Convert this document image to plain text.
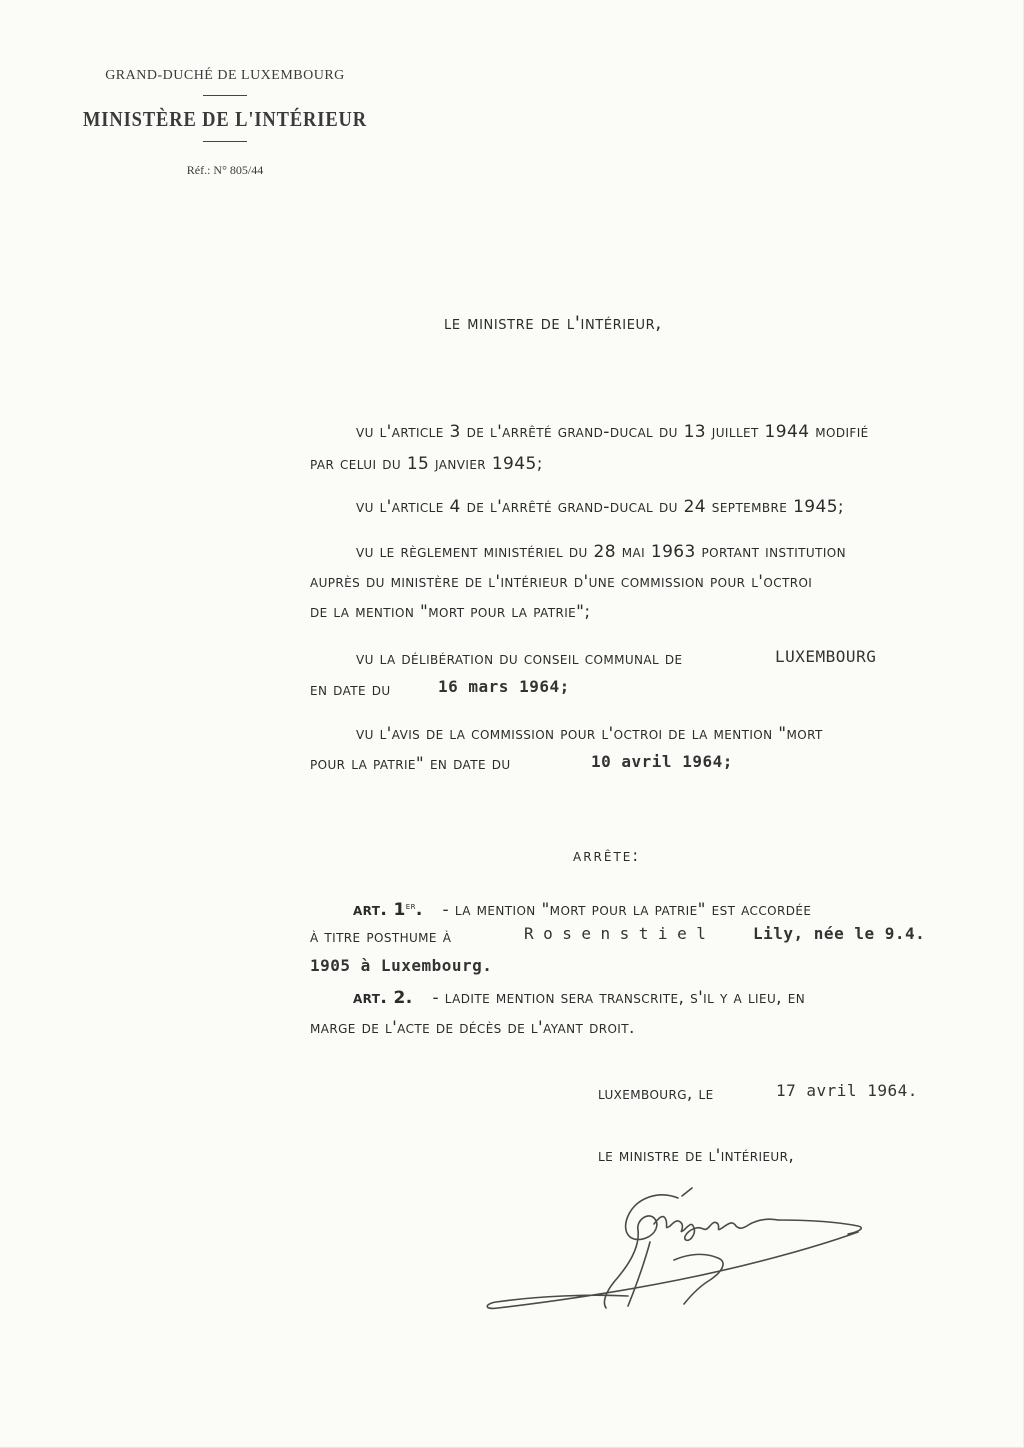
GRAND-DUCHÉ DE LUXEMBOURG
MINISTÈRE DE L'INTÉRIEUR
Réf.: N° 805/44
le ministre de l'intérieur,
vu l'article 3 de l'arrêté grand-ducal du 13 juillet 1944 modifié
par celui du 15 janvier 1945;
vu l'article 4 de l'arrêté grand-ducal du 24 septembre 1945;
vu le règlement ministériel du 28 mai 1963 portant institution
auprès du ministère de l'intérieur d'une commission pour l'octroi
de la mention "mort pour la patrie";
vu la délibération du conseil communal de	LUXEMBOURG
en date du	16 mars 1964;
vu l'avis de la commission pour l'octroi de la mention "mort
pour la patrie" en date du	10 avril 1964;
arrête:
art. 1er. - la mention "mort pour la patrie" est accordée
à titre posthume à	Rosenstiel Lily, née le 9.4.
1905 à Luxembourg.
art. 2. - ladite mention sera transcrite, s'il y a lieu, en
marge de l'acte de décès de l'ayant droit.
luxembourg, le	17 avril 1964.
le ministre de l'intérieur,
